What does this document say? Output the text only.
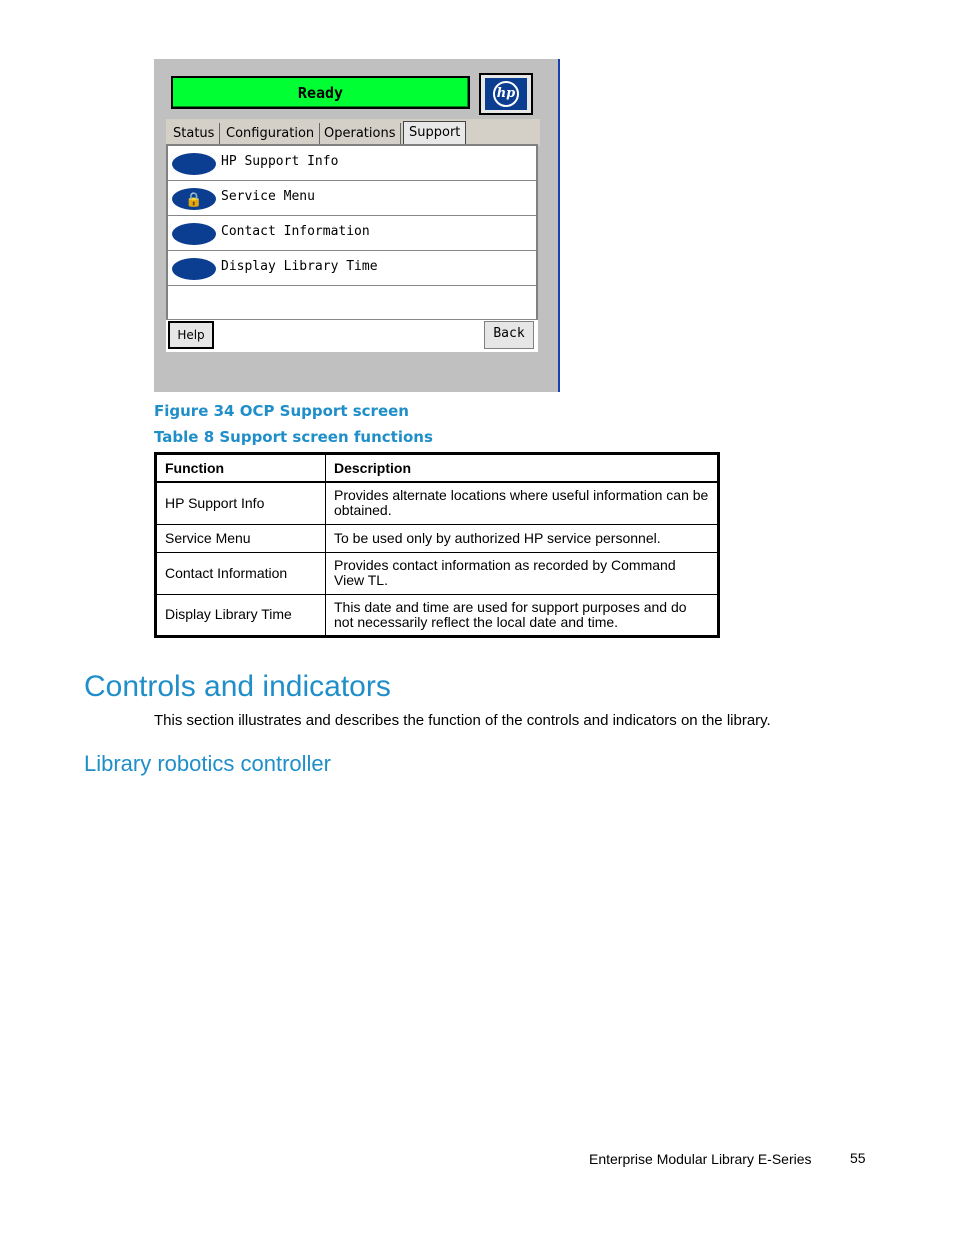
Ready	hp
Status Configuration Operations	Support
HP Support Info
🔒	Service Menu
Contact Information
Display Library Time
Help	Back
Figure 34 OCP Support screen
Table 8 Support screen functions
Function	Description
HP Support Info	Provides alternate locations where useful information can be obtained.
Service Menu	To be used only by authorized HP service personnel.
Contact Information	Provides contact information as recorded by Command View TL.
Display Library Time	This date and time are used for support purposes and do not necessarily reflect the local date and time.
Controls and indicators
This section illustrates and describes the function of the controls and indicators on the library.
Library robotics controller
Enterprise Modular Library E-Series	55
